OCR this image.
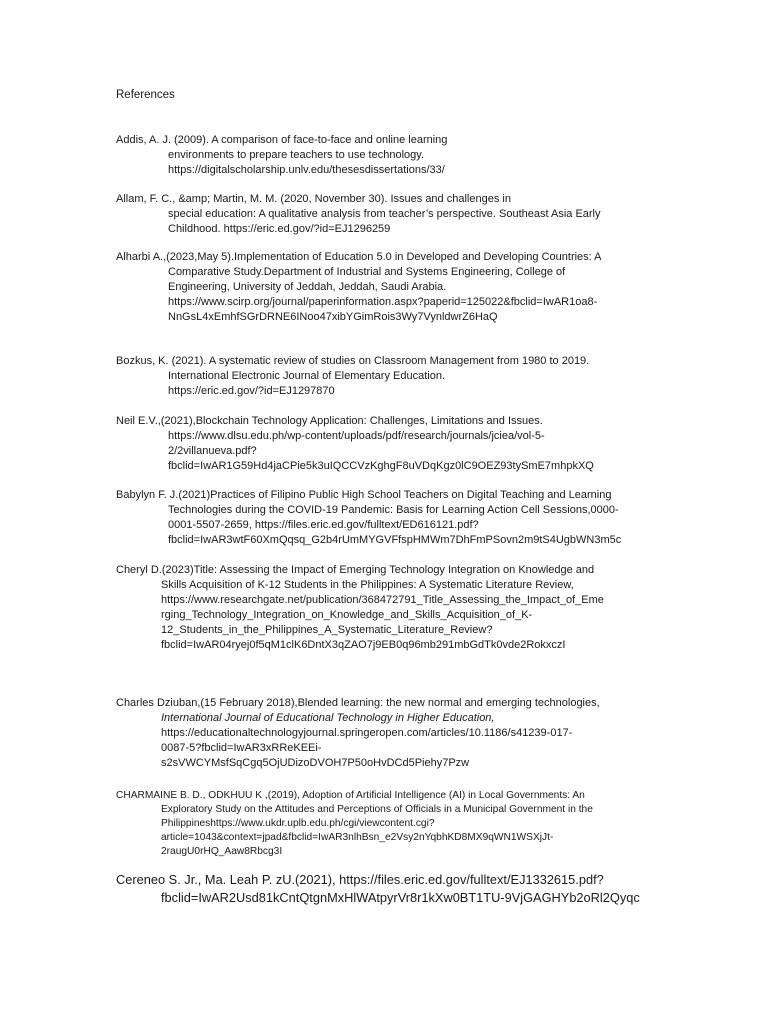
References

Addis, A. J. (2009). A comparison of face-to-face and online learning
environments to prepare teachers to use technology.
https://digitalscholarship.unlv.edu/thesesdissertations/33/

Allam, F. C., &amp; Martin, M. M. (2020, November 30). Issues and challenges in
special education: A qualitative analysis from teacher’s perspective. Southeast Asia Early
Childhood. https://eric.ed.gov/?id=EJ1296259

Alharbi A.,(2023,May 5).Implementation of Education 5.0 in Developed and Developing Countries: A
Comparative Study.Department of Industrial and Systems Engineering, College of
Engineering, University of Jeddah, Jeddah, Saudi Arabia.
https://www.scirp.org/journal/paperinformation.aspx?paperid=125022&fbclid=IwAR1oa8-
NnGsL4xEmhfSGrDRNE6INoo47xibYGimRois3Wy7VynldwrZ6HaQ

Bozkus, K. (2021). A systematic review of studies on Classroom Management from 1980 to 2019.
International Electronic Journal of Elementary Education.
https://eric.ed.gov/?id=EJ1297870

Neil E.V.,(2021),Blockchain Technology Application: Challenges, Limitations and Issues.
https://www.dlsu.edu.ph/wp-content/uploads/pdf/research/journals/jciea/vol-5-
2/2villanueva.pdf?
fbclid=IwAR1G59Hd4jaCPie5k3uIQCCVzKghgF8uVDqKgz0lC9OEZ93tySmE7mhpkXQ

Babylyn F. J.(2021)Practices of Filipino Public High School Teachers on Digital Teaching and Learning
Technologies during the COVID-19 Pandemic: Basis for Learning Action Cell Sessions,0000-
0001-5507-2659, https://files.eric.ed.gov/fulltext/ED616121.pdf?
fbclid=IwAR3wtF60XmQqsq_G2b4rUmMYGVFfspHMWm7DhFmPSovn2m9tS4UgbWN3m5c

Cheryl D.(2023)Title: Assessing the Impact of Emerging Technology Integration on Knowledge and
Skills Acquisition of K-12 Students in the Philippines: A Systematic Literature Review,
https://www.researchgate.net/publication/368472791_Title_Assessing_the_Impact_of_Eme
rging_Technology_Integration_on_Knowledge_and_Skills_Acquisition_of_K-
12_Students_in_the_Philippines_A_Systematic_Literature_Review?
fbclid=IwAR04ryej0f5qM1clK6DntX3qZAO7j9EB0q96mb291mbGdTk0vde2RokxczI

Charles Dziuban,(15 February 2018),Blended learning: the new normal and emerging technologies,
International Journal of Educational Technology in Higher Education,
https://educationaltechnologyjournal.springeropen.com/articles/10.1186/s41239-017-
0087-5?fbclid=IwAR3xRReKEEi-
s2sVWCYMsfSqCgq5OjUDizoDVOH7P50oHvDCd5Piehy7Pzw

CHARMAINE B. D., ODKHUU K ,(2019), Adoption of Artificial Intelligence (AI) in Local Governments: An
Exploratory Study on the Attitudes and Perceptions of Officials in a Municipal Government in the
Philippineshttps://www.ukdr.uplb.edu.ph/cgi/viewcontent.cgi?
article=1043&context=jpad&fbclid=IwAR3nlhBsn_e2Vsy2nYqbhKD8MX9qWN1WSXjJt-
2raugU0rHQ_Aaw8Rbcg3I

Cereneo S. Jr., Ma. Leah P. zU.(2021), https://files.eric.ed.gov/fulltext/EJ1332615.pdf?
fbclid=IwAR2Usd81kCntQtgnMxHlWAtpyrVr8r1kXw0BT1TU-9VjGAGHYb2oRl2Qyqc
